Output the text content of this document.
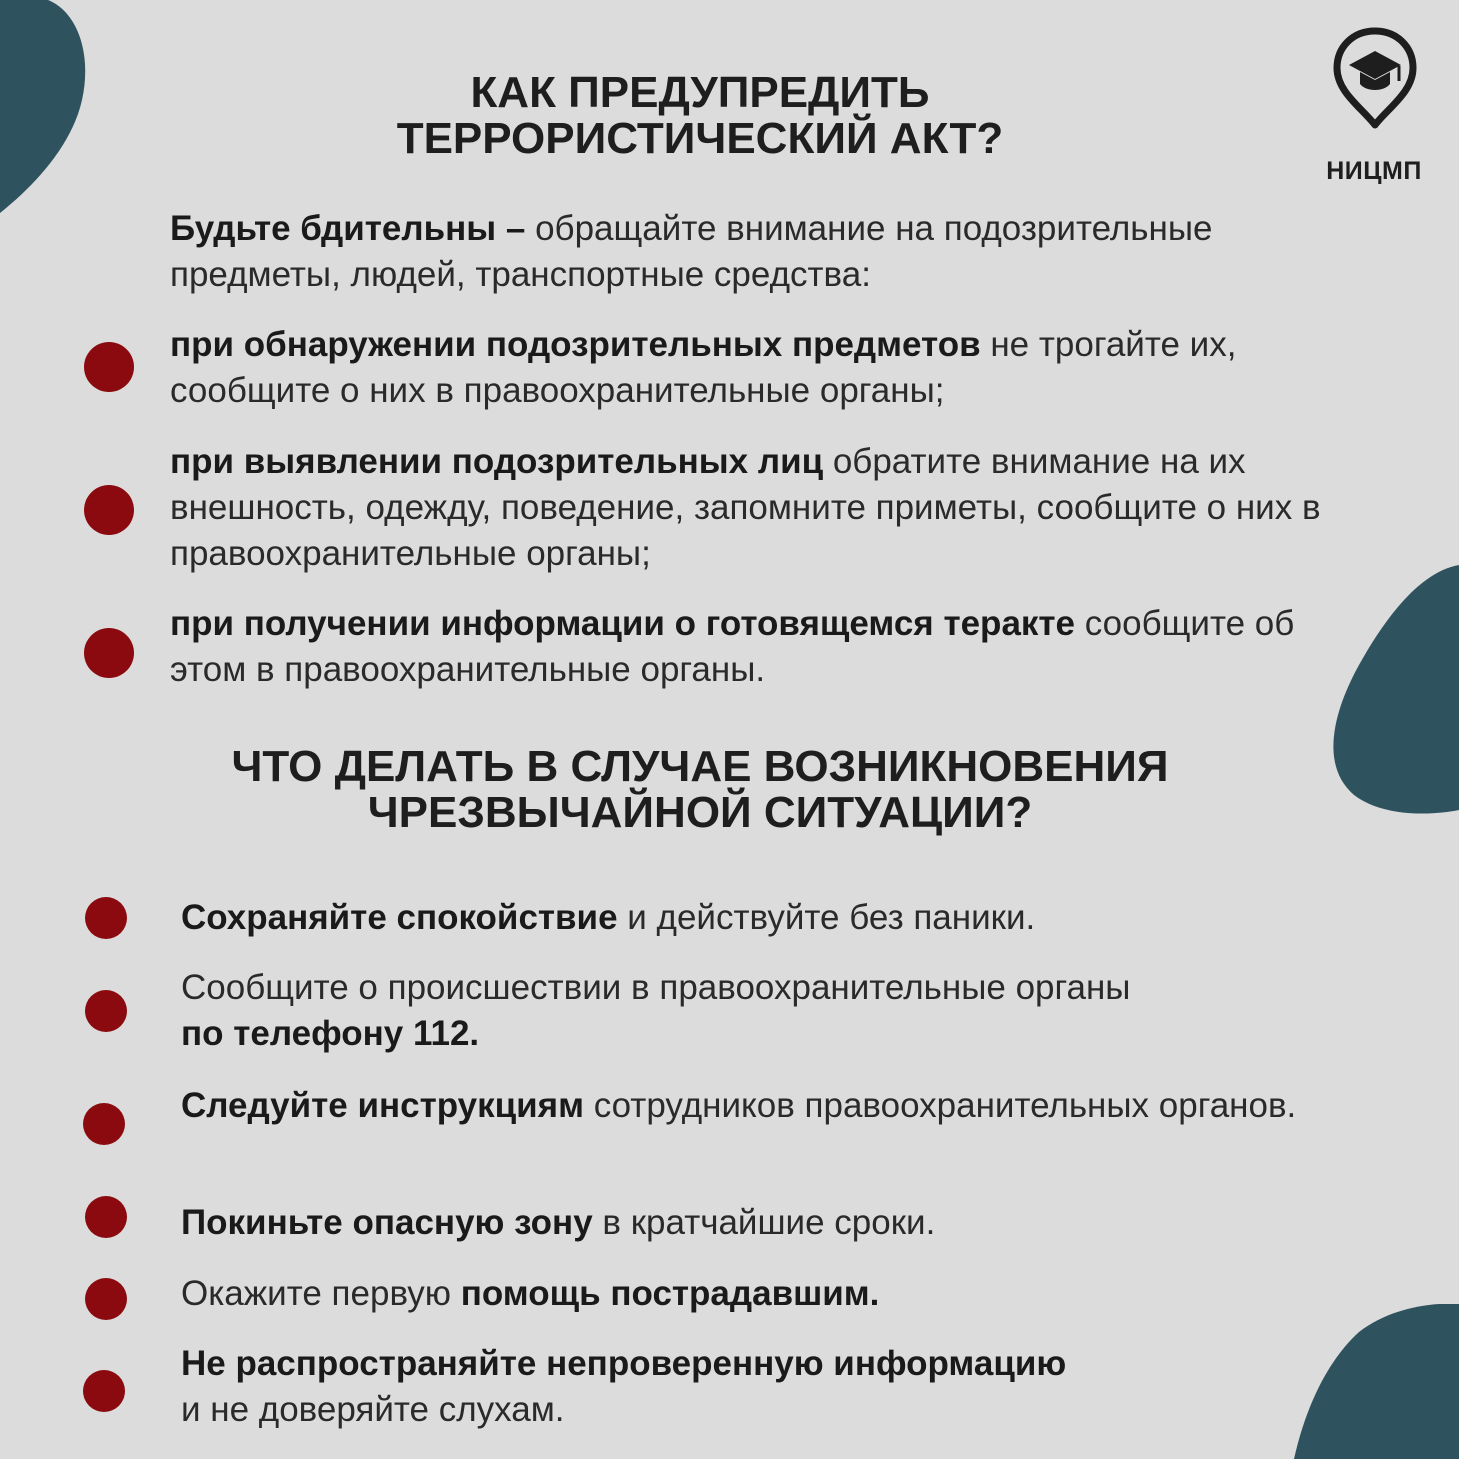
НИЦМП
КАК ПРЕДУПРЕДИТЬ
ТЕРРОРИСТИЧЕСКИЙ АКТ?

Будьте бдительны – обращайте внимание на подозрительные предметы, людей, транспортные средства:

при обнаружении подозрительных предметов не трогайте их, сообщите о них в правоохранительные органы;

при выявлении подозрительных лиц обратите внимание на их внешность, одежду, поведение, запомните приметы, сообщите о них в правоохранительные органы;

при получении информации о готовящемся теракте сообщите об этом в правоохранительные органы.

ЧТО ДЕЛАТЬ В СЛУЧАЕ ВОЗНИКНОВЕНИЯ
ЧРЕЗВЫЧАЙНОЙ СИТУАЦИИ?

Сохраняйте спокойствие и действуйте без паники.

Сообщите о происшествии в правоохранительные органы
по телефону 112.

Следуйте инструкциям сотрудников правоохранительных органов.

Покиньте опасную зону в кратчайшие сроки.

Окажите первую помощь пострадавшим.

Не распространяйте непроверенную информацию
и не доверяйте слухам.
